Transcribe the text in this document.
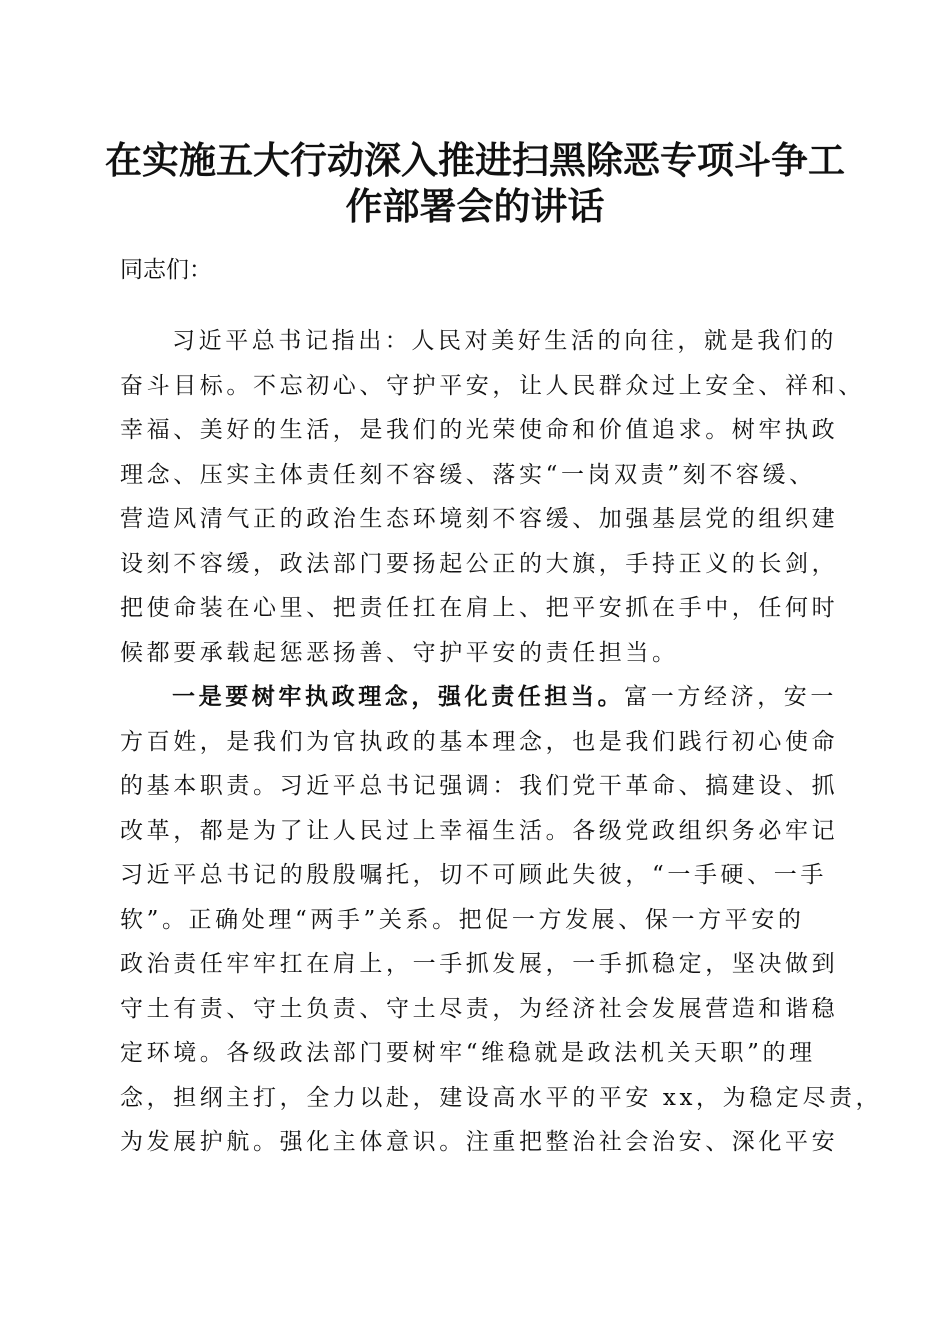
在实施五大行动深入推进扫黑除恶专项斗争工
作部署会的讲话
同志们：
习近平总书记指出：人民对美好生活的向往，就是我们的
奋斗目标。不忘初心、守护平安，让人民群众过上安全、祥和、
幸福、美好的生活，是我们的光荣使命和价值追求。树牢执政
理念、压实主体责任刻不容缓、落实“一岗双责”刻不容缓、
营造风清气正的政治生态环境刻不容缓、加强基层党的组织建
设刻不容缓，政法部门要扬起公正的大旗，手持正义的长剑，
把使命装在心里、把责任扛在肩上、把平安抓在手中，任何时
候都要承载起惩恶扬善、守护平安的责任担当。
一是要树牢执政理念，强化责任担当。富一方经济，安一
方百姓，是我们为官执政的基本理念，也是我们践行初心使命
的基本职责。习近平总书记强调：我们党干革命、搞建设、抓
改革，都是为了让人民过上幸福生活。各级党政组织务必牢记
习近平总书记的殷殷嘱托，切不可顾此失彼，“一手硬、一手
软”。正确处理“两手”关系。把促一方发展、保一方平安的
政治责任牢牢扛在肩上，一手抓发展，一手抓稳定，坚决做到
守土有责、守土负责、守土尽责，为经济社会发展营造和谐稳
定环境。各级政法部门要树牢“维稳就是政法机关天职”的理
念，担纲主打，全力以赴，建设高水平的平安 xx，为稳定尽责，
为发展护航。强化主体意识。注重把整治社会治安、深化平安
